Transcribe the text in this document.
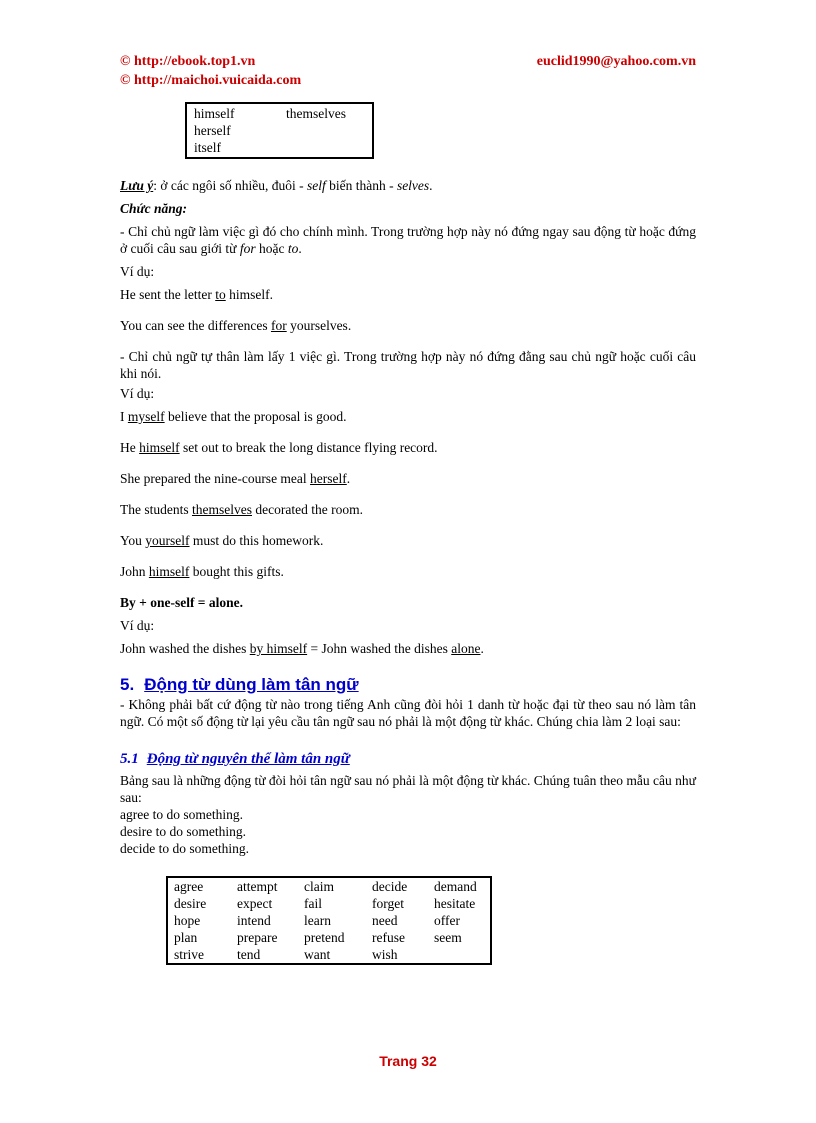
© http://ebook.top1.vn	euclid1990@yahoo.com.vn
© http://maichoi.vuicaida.com
himself	themselves
herself
itself

Lưu ý: ở các ngôi số nhiều, đuôi - self biến thành - selves.

Chức năng:

- Chỉ chủ ngữ làm việc gì đó cho chính mình. Trong trường hợp này nó đứng ngay sau động từ hoặc đứng ở cuối câu sau giới từ for hoặc to.

Ví dụ:

He sent the letter to himself.

You can see the differences for yourselves.

- Chỉ chủ ngữ tự thân làm lấy 1 việc gì. Trong trường hợp này nó đứng đằng sau chủ ngữ hoặc cuối câu khi nói.

Ví dụ:

I myself believe that the proposal is good.

He himself set out to break the long distance flying record.

She prepared the nine-course meal herself.

The students themselves decorated the room.

You yourself must do this homework.

John himself bought this gifts.

By + one-self = alone.

Ví dụ:

John washed the dishes by himself = John washed the dishes alone.

5. Động từ dùng làm tân ngữ

- Không phải bất cứ động từ nào trong tiếng Anh cũng đòi hỏi 1 danh từ hoặc đại từ theo sau nó làm tân ngữ. Có một số động từ lại yêu cầu tân ngữ sau nó phải là một động từ khác. Chúng chia làm 2 loại sau:

5.1 Động từ nguyên thể làm tân ngữ

Bảng sau là những động từ đòi hỏi tân ngữ sau nó phải là một động từ khác. Chúng tuân theo mẫu câu như sau:

agree to do something.

desire to do something.

decide to do something.

agree	attempt	claim	decide	demand
desire	expect	fail	forget	hesitate
hope	intend	learn	need	offer
plan	prepare	pretend	refuse	seem
strive	tend	want	wish	
Trang 32
